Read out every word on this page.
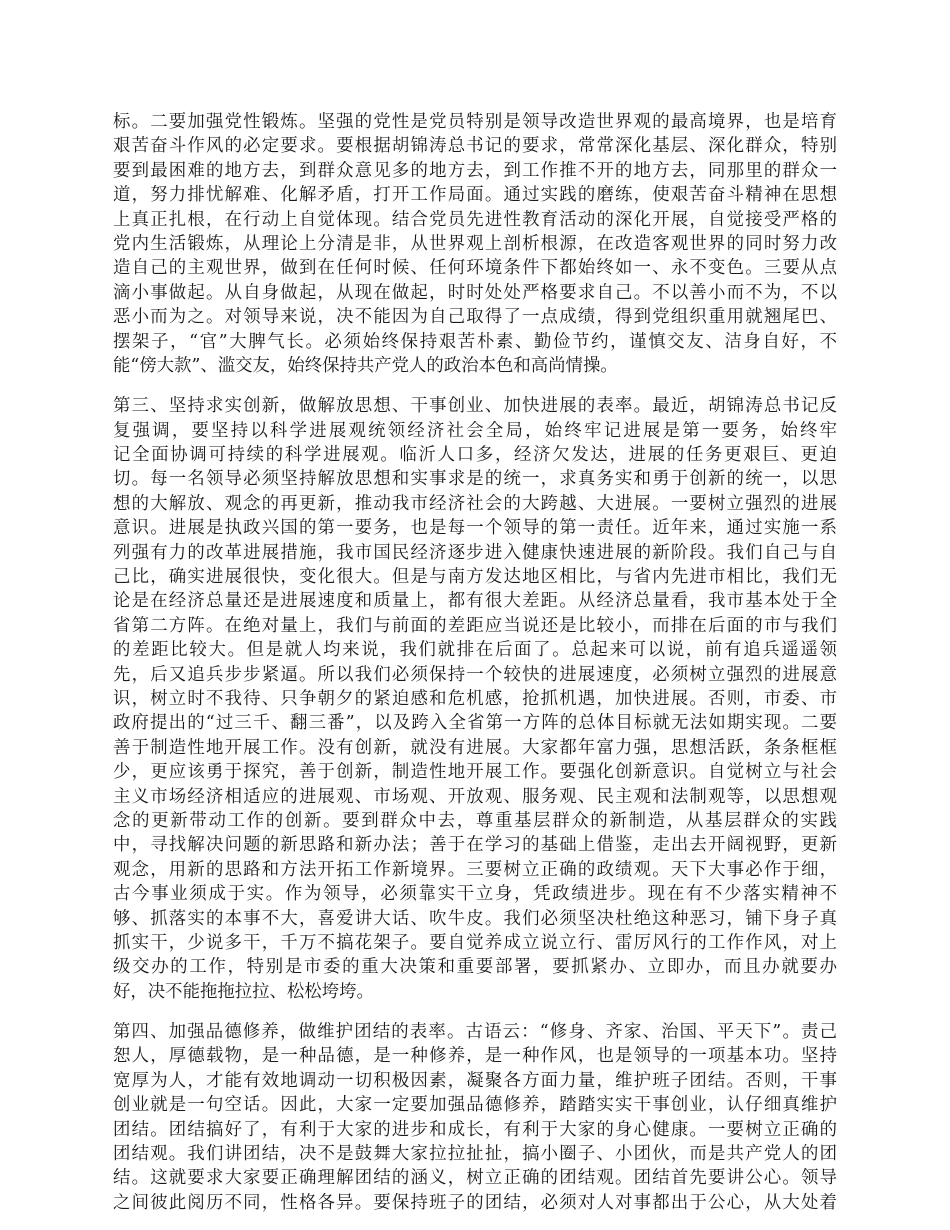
标。二要加强党性锻炼。坚强的党性是党员特别是领导改造世界观的最高境界，也是培育
艰苦奋斗作风的必定要求。要根据胡锦涛总书记的要求，常常深化基层、深化群众，特别
要到最困难的地方去，到群众意见多的地方去，到工作推不开的地方去，同那里的群众一
道，努力排忧解难、化解矛盾，打开工作局面。通过实践的磨练，使艰苦奋斗精神在思想
上真正扎根，在行动上自觉体现。结合党员先进性教育活动的深化开展，自觉接受严格的
党内生活锻炼，从理论上分清是非，从世界观上剖析根源，在改造客观世界的同时努力改
造自己的主观世界，做到在任何时候、任何环境条件下都始终如一、永不变色。三要从点
滴小事做起。从自身做起，从现在做起，时时处处严格要求自己。不以善小而不为，不以
恶小而为之。对领导来说，决不能因为自己取得了一点成绩，得到党组织重用就翘尾巴、
摆架子，“官”大脾气长。必须始终保持艰苦朴素、勤俭节约，谨慎交友、洁身自好，不
能“傍大款”、滥交友，始终保持共产党人的政治本色和高尚情操。
第三、坚持求实创新，做解放思想、干事创业、加快进展的表率。最近，胡锦涛总书记反
复强调，要坚持以科学进展观统领经济社会全局，始终牢记进展是第一要务，始终牢
记全面协调可持续的科学进展观。临沂人口多，经济欠发达，进展的任务更艰巨、更迫
切。每一名领导必须坚持解放思想和实事求是的统一，求真务实和勇于创新的统一，以思
想的大解放、观念的再更新，推动我市经济社会的大跨越、大进展。一要树立强烈的进展
意识。进展是执政兴国的第一要务，也是每一个领导的第一责任。近年来，通过实施一系
列强有力的改革进展措施，我市国民经济逐步进入健康快速进展的新阶段。我们自己与自
己比，确实进展很快，变化很大。但是与南方发达地区相比，与省内先进市相比，我们无
论是在经济总量还是进展速度和质量上，都有很大差距。从经济总量看，我市基本处于全
省第二方阵。在绝对量上，我们与前面的差距应当说还是比较小，而排在后面的市与我们
的差距比较大。但是就人均来说，我们就排在后面了。总起来可以说，前有追兵遥遥领
先，后又追兵步步紧逼。所以我们必须保持一个较快的进展速度，必须树立强烈的进展意
识，树立时不我待、只争朝夕的紧迫感和危机感，抢抓机遇，加快进展。否则，市委、市
政府提出的“过三千、翻三番”，以及跨入全省第一方阵的总体目标就无法如期实现。二要
善于制造性地开展工作。没有创新，就没有进展。大家都年富力强，思想活跃，条条框框
少，更应该勇于探究，善于创新，制造性地开展工作。要强化创新意识。自觉树立与社会
主义市场经济相适应的进展观、市场观、开放观、服务观、民主观和法制观等，以思想观
念的更新带动工作的创新。要到群众中去，尊重基层群众的新制造，从基层群众的实践
中，寻找解决问题的新思路和新办法；善于在学习的基础上借鉴，走出去开阔视野，更新
观念，用新的思路和方法开拓工作新境界。三要树立正确的政绩观。天下大事必作于细，
古今事业须成于实。作为领导，必须靠实干立身，凭政绩进步。现在有不少落实精神不
够、抓落实的本事不大，喜爱讲大话、吹牛皮。我们必须坚决杜绝这种恶习，铺下身子真
抓实干，少说多干，千万不搞花架子。要自觉养成立说立行、雷厉风行的工作作风，对上
级交办的工作，特别是市委的重大决策和重要部署，要抓紧办、立即办，而且办就要办
好，决不能拖拖拉拉、松松垮垮。
第四、加强品德修养，做维护团结的表率。古语云：“修身、齐家、治国、平天下”。责己
恕人，厚德载物，是一种品德，是一种修养，是一种作风，也是领导的一项基本功。坚持
宽厚为人，才能有效地调动一切积极因素，凝聚各方面力量，维护班子团结。否则，干事
创业就是一句空话。因此，大家一定要加强品德修养，踏踏实实干事创业，认仔细真维护
团结。团结搞好了，有利于大家的进步和成长，有利于大家的身心健康。一要树立正确的
团结观。我们讲团结，决不是鼓舞大家拉拉扯扯，搞小圈子、小团伙，而是共产党人的团
结。这就要求大家要正确理解团结的涵义，树立正确的团结观。团结首先要讲公心。领导
之间彼此阅历不同，性格各异。要保持班子的团结，必须对人对事都出于公心，从大处着
